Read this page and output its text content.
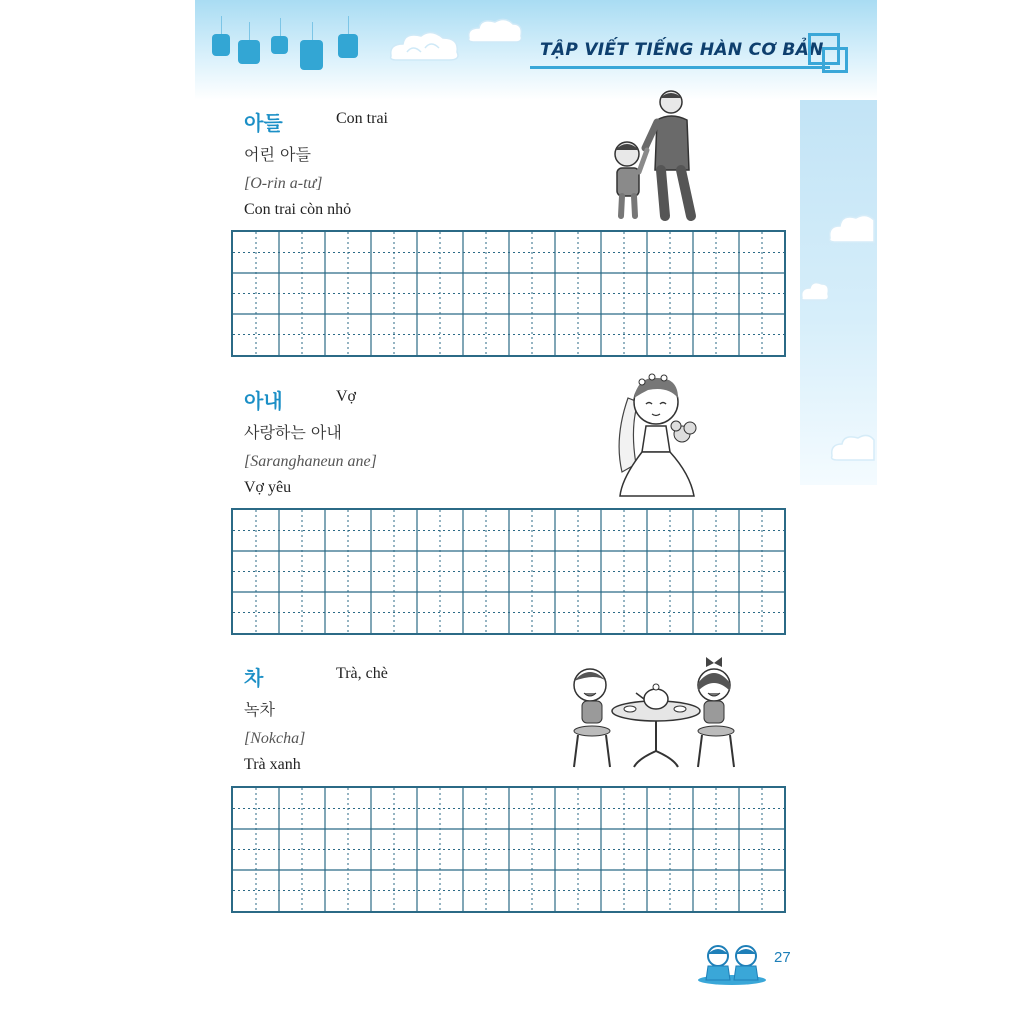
TẬP VIẾT TIẾNG HÀN CƠ BẢN
아들	Con trai
어린 아들
[O-rin a-tư]
Con trai còn nhỏ
아내	Vợ
사랑하는 아내
[Saranghaneun ane]
Vợ yêu
차	Trà, chè
녹차
[Nokcha]
Trà xanh
27
